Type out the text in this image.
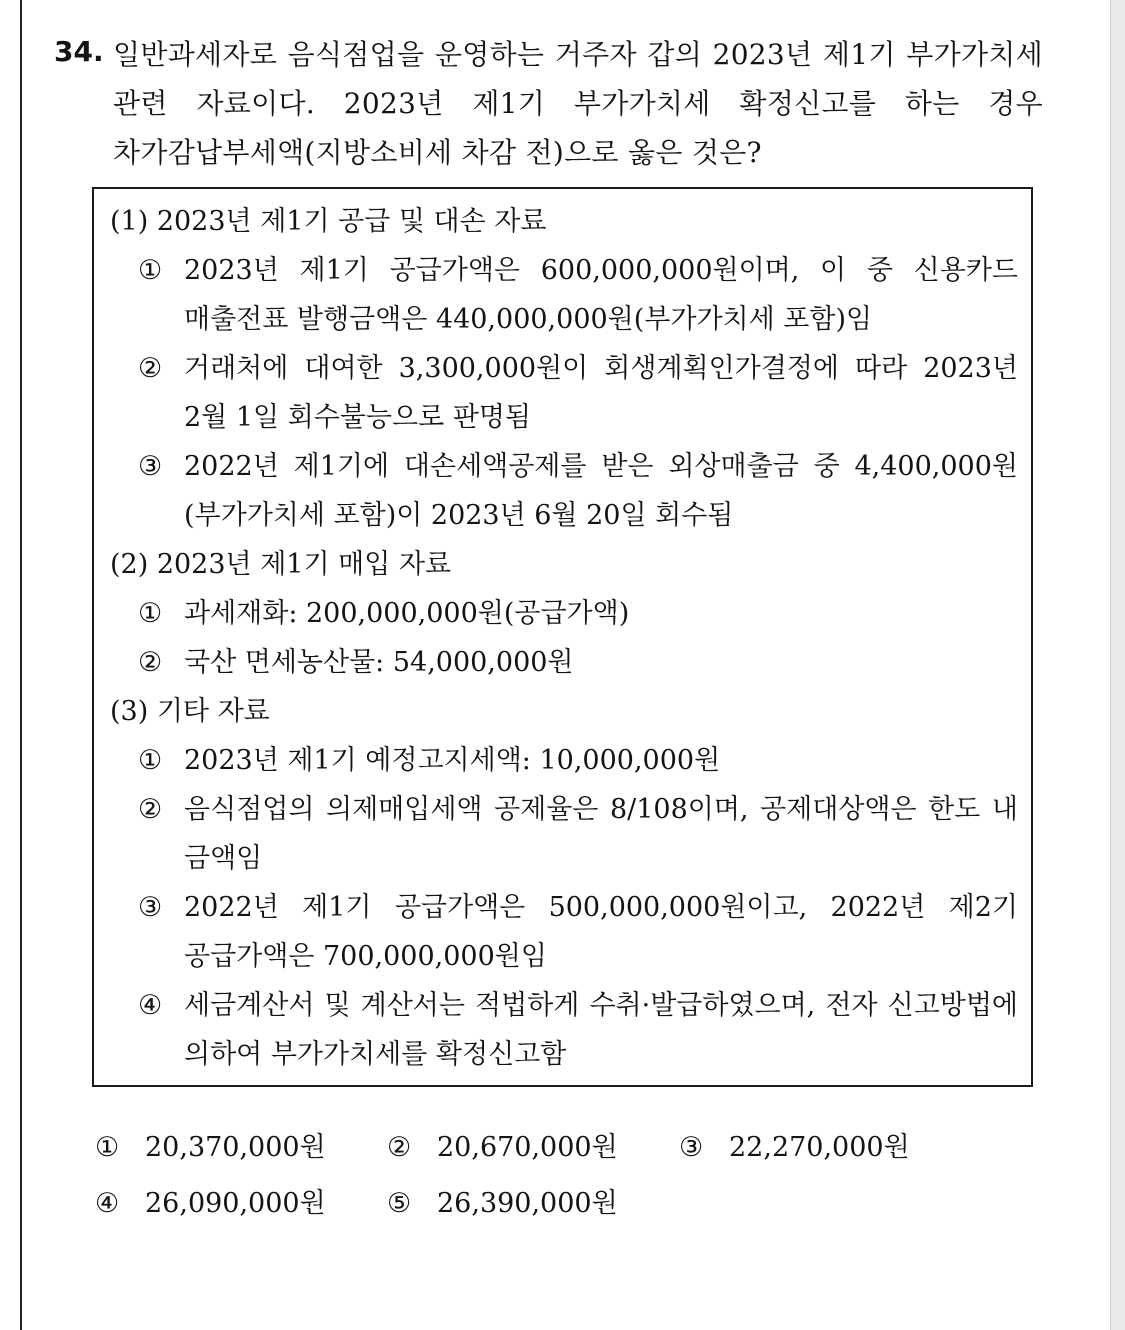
34. 일반과세자로 음식점업을 운영하는 거주자 갑의 2023년 제1기 부가가치세 관련 자료이다. 2023년 제1기 부가가치세 확정신고를 하는 경우 차가감납부세액(지방소비세 차감 전)으로 옳은 것은?
(1) 2023년 제1기 공급 및 대손 자료
① 2023년 제1기 공급가액은 600,000,000원이며, 이 중 신용카드 매출전표 발행금액은 440,000,000원(부가가치세 포함)임
② 거래처에 대여한 3,300,000원이 회생계획인가결정에 따라 2023년 2월 1일 회수불능으로 판명됨
③ 2022년 제1기에 대손세액공제를 받은 외상매출금 중 4,400,000원 (부가가치세 포함)이 2023년 6월 20일 회수됨
(2) 2023년 제1기 매입 자료
① 과세재화: 200,000,000원(공급가액)
② 국산 면세농산물: 54,000,000원
(3) 기타 자료
① 2023년 제1기 예정고지세액: 10,000,000원
② 음식점업의 의제매입세액 공제율은 8/108이며, 공제대상액은 한도 내 금액임
③ 2022년 제1기 공급가액은 500,000,000원이고, 2022년 제2기 공급가액은 700,000,000원임
④ 세금계산서 및 계산서는 적법하게 수취·발급하였으며, 전자 신고방법에 의하여 부가가치세를 확정신고함
① 20,370,000원 ② 20,670,000원 ③ 22,270,000원
④ 26,090,000원 ⑤ 26,390,000원
